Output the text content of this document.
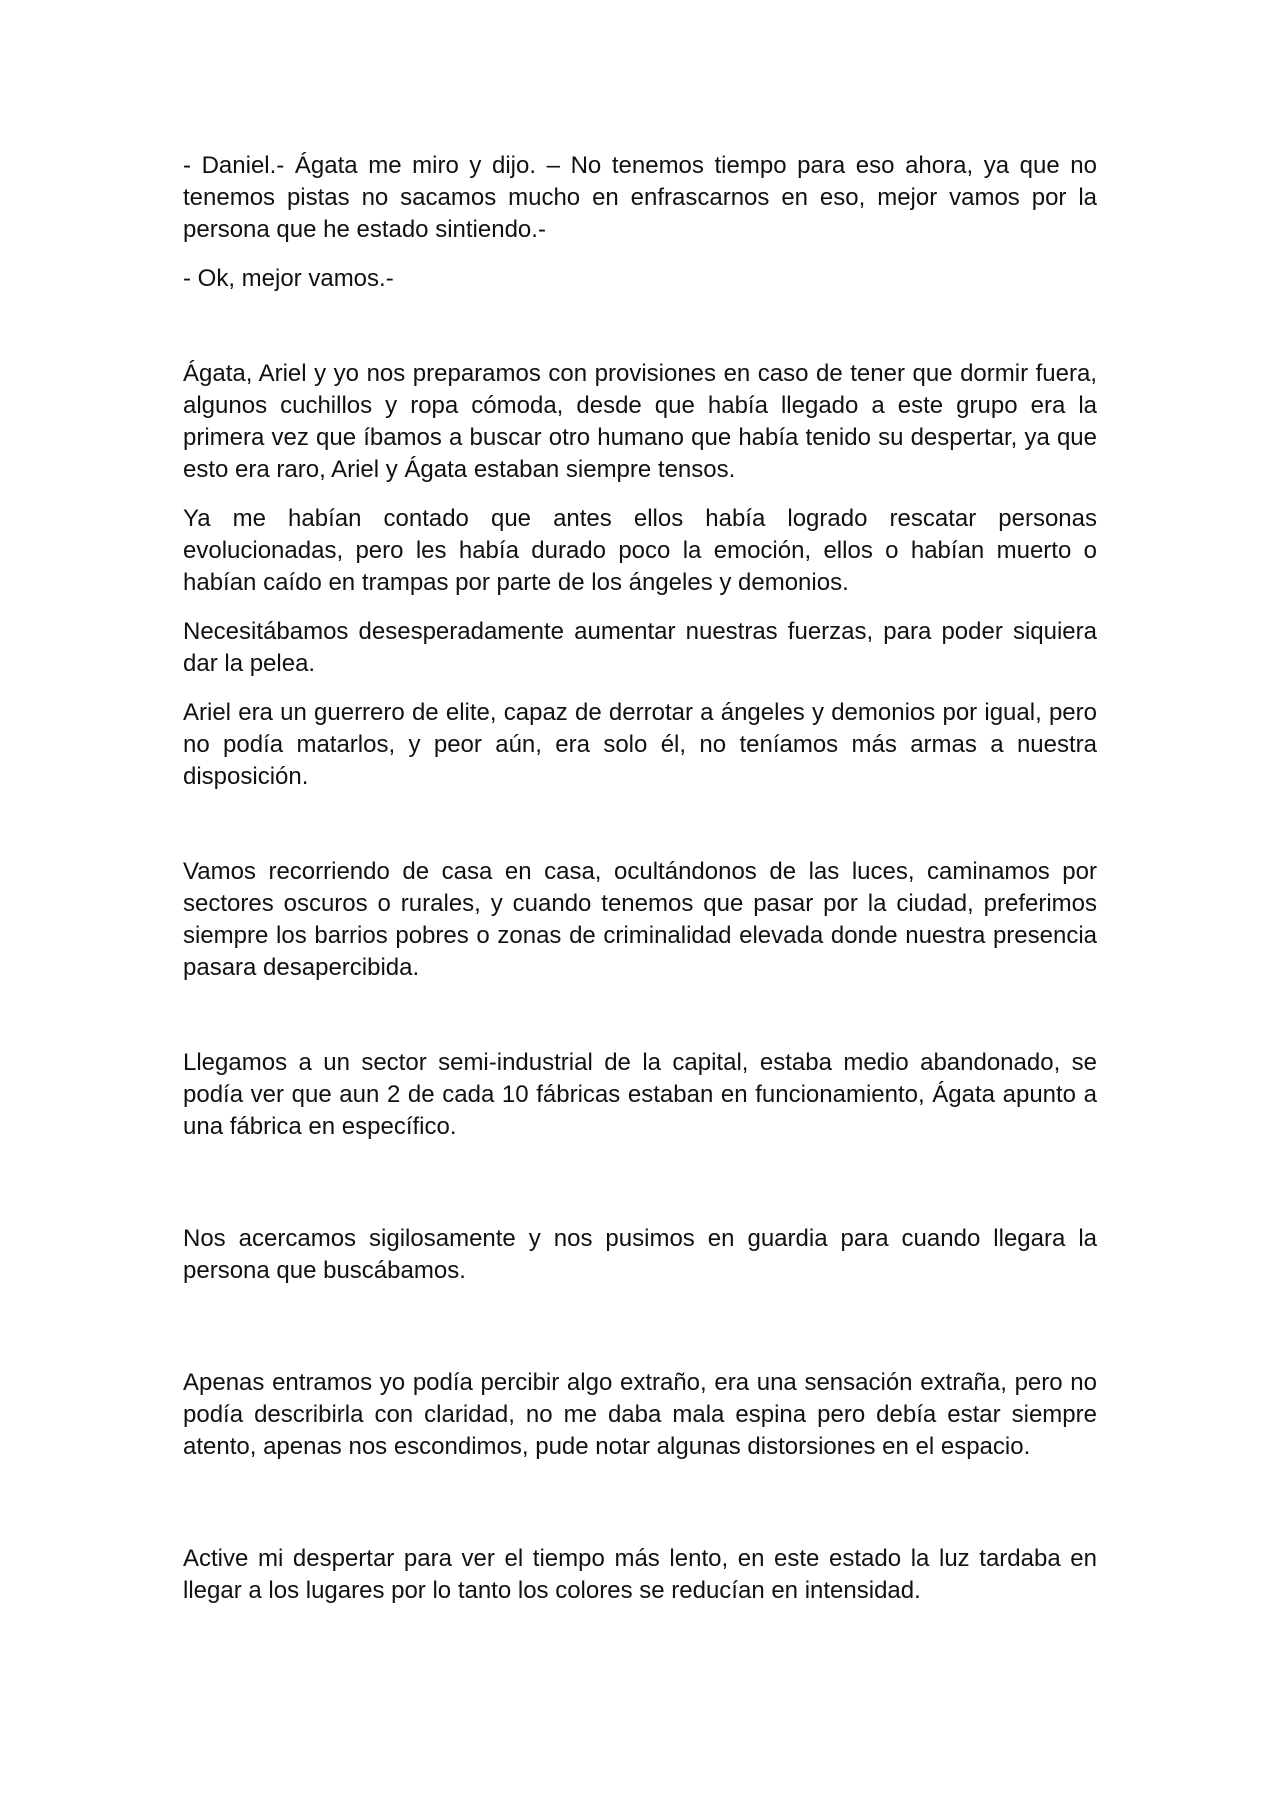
- Daniel.- Ágata me miro y dijo. – No tenemos tiempo para eso ahora, ya que no tenemos pistas no sacamos mucho en enfrascarnos en eso, mejor vamos por la persona que he estado sintiendo.-

- Ok, mejor vamos.-

Ágata, Ariel y yo nos preparamos con provisiones en caso de tener que dormir fuera, algunos cuchillos y ropa cómoda, desde que había llegado a este grupo era la primera vez que íbamos a buscar otro humano que había tenido su despertar, ya que esto era raro, Ariel y Ágata estaban siempre tensos.

Ya me habían contado que antes ellos había logrado rescatar personas evolucionadas, pero les había durado poco la emoción, ellos o habían muerto o habían caído en trampas por parte de los ángeles y demonios.

Necesitábamos desesperadamente aumentar nuestras fuerzas, para poder siquiera dar la pelea.

Ariel era un guerrero de elite, capaz de derrotar a ángeles y demonios por igual, pero no podía matarlos, y peor aún, era solo él, no teníamos más armas a nuestra disposición.

Vamos recorriendo de casa en casa, ocultándonos de las luces, caminamos por sectores oscuros o rurales, y cuando tenemos que pasar por la ciudad, preferimos siempre los barrios pobres o zonas de criminalidad elevada donde nuestra presencia pasara desapercibida.

Llegamos a un sector semi-industrial de la capital, estaba medio abandonado, se podía ver que aun 2 de cada 10 fábricas estaban en funcionamiento, Ágata apunto a una fábrica en específico.

Nos acercamos sigilosamente y nos pusimos en guardia para cuando llegara la persona que buscábamos.

Apenas entramos yo podía percibir algo extraño, era una sensación extraña, pero no podía describirla con claridad, no me daba mala espina pero debía estar siempre atento, apenas nos escondimos, pude notar algunas distorsiones en el espacio.

Active mi despertar para ver el tiempo más lento, en este estado la luz tardaba en llegar a los lugares por lo tanto los colores se reducían en intensidad.
